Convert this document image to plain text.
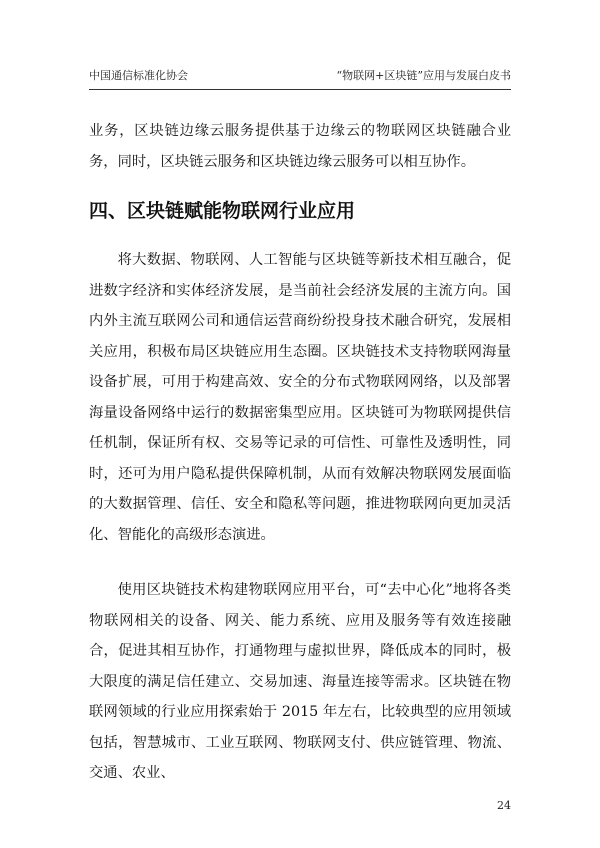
中国通信标准化协会	“物联网+区块链”应用与发展白皮书

业务，区块链边缘云服务提供基于边缘云的物联网区块链融合业务，同时，区块链云服务和区块链边缘云服务可以相互协作。

四、区块链赋能物联网行业应用

将大数据、物联网、人工智能与区块链等新技术相互融合，促进数字经济和实体经济发展，是当前社会经济发展的主流方向。国内外主流互联网公司和通信运营商纷纷投身技术融合研究，发展相关应用，积极布局区块链应用生态圈。区块链技术支持物联网海量设备扩展，可用于构建高效、安全的分布式物联网网络，以及部署海量设备网络中运行的数据密集型应用。区块链可为物联网提供信任机制，保证所有权、交易等记录的可信性、可靠性及透明性，同时，还可为用户隐私提供保障机制，从而有效解决物联网发展面临的大数据管理、信任、安全和隐私等问题，推进物联网向更加灵活化、智能化的高级形态演进。

使用区块链技术构建物联网应用平台，可“去中心化”地将各类物联网相关的设备、网关、能力系统、应用及服务等有效连接融合，促进其相互协作，打通物理与虚拟世界，降低成本的同时，极大限度的满足信任建立、交易加速、海量连接等需求。区块链在物联网领域的行业应用探索始于 2015 年左右，比较典型的应用领域包括，智慧城市、工业互联网、物联网支付、供应链管理、物流、交通、农业、

24
